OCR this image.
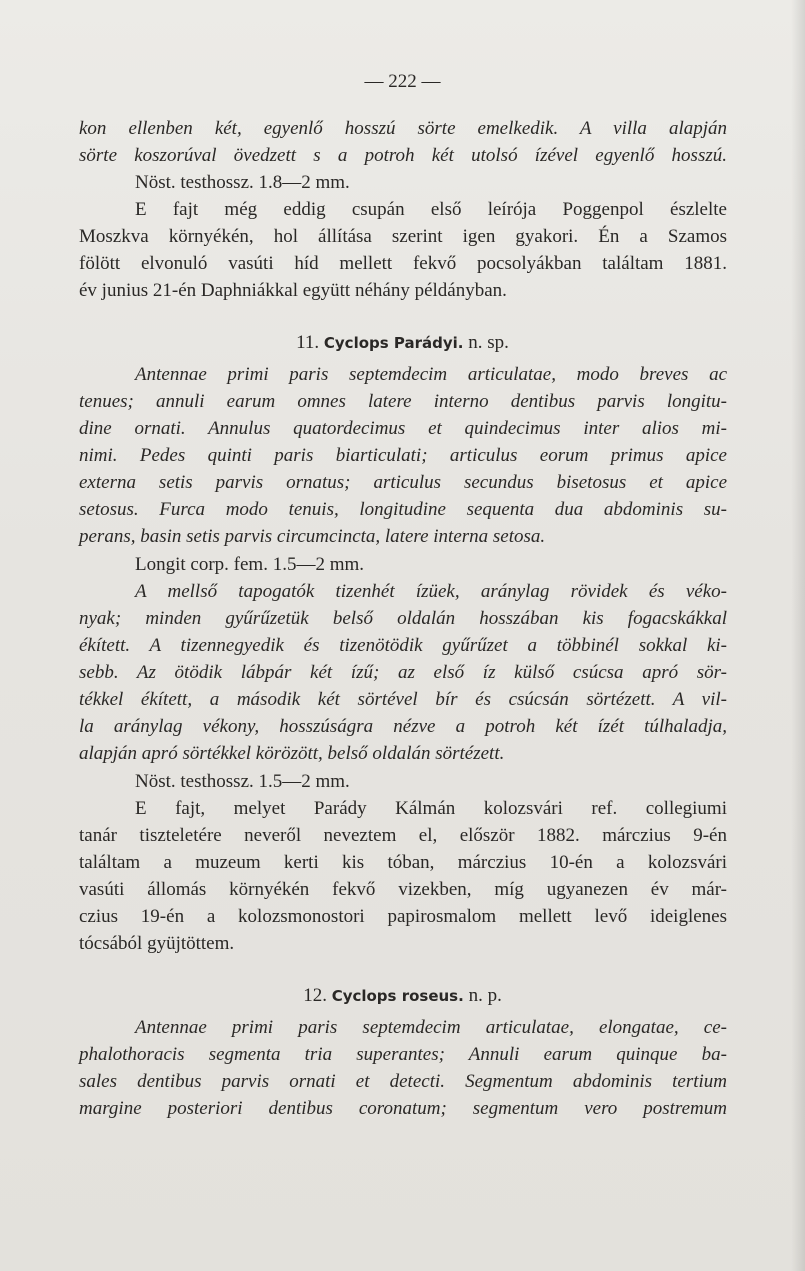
— 222 —
kon ellenben két, egyenlő hosszú sörte emelkedik. A villa alapján
sörte koszorúval övedzett s a potroh két utolsó ízével egyenlő hosszú.
Nöst. testhossz. 1.8—2 mm.
E fajt még eddig csupán első leírója Poggenpol észlelte
Moszkva környékén, hol állítása szerint igen gyakori. Én a Szamos
fölött elvonuló vasúti híd mellett fekvő pocsolyákban találtam 1881.
év junius 21-én Daphniákkal együtt néhány példányban.
11. Cyclops Parádyi. n. sp.
Antennae primi paris septemdecim articulatae, modo breves ac
tenues; annuli earum omnes latere interno dentibus parvis longitu-
dine ornati. Annulus quatordecimus et quindecimus inter alios mi-
nimi. Pedes quinti paris biarticulati; articulus eorum primus apice
externa setis parvis ornatus; articulus secundus bisetosus et apice
setosus. Furca modo tenuis, longitudine sequenta dua abdominis su-
perans, basin setis parvis circumcincta, latere interna setosa.
Longit corp. fem. 1.5—2 mm.
A mellső tapogatók tizenhét ízüek, aránylag rövidek és véko-
nyak; minden gyűrűzetük belső oldalán hosszában kis fogacskákkal
ékített. A tizennegyedik és tizenötödik gyűrűzet a többinél sokkal ki-
sebb. Az ötödik lábpár két ízű; az első íz külső csúcsa apró sör-
tékkel ékített, a második két sörtével bír és csúcsán sörtézett. A vil-
la aránylag vékony, hosszúságra nézve a potroh két ízét túlhaladja,
alapján apró sörtékkel körözött, belső oldalán sörtézett.
Nöst. testhossz. 1.5—2 mm.
E fajt, melyet Parády Kálmán kolozsvári ref. collegiumi
tanár tiszteletére neveről neveztem el, először 1882. márczius 9-én
találtam a muzeum kerti kis tóban, márczius 10-én a kolozsvári
vasúti állomás környékén fekvő vizekben, míg ugyanezen év már-
czius 19-én a kolozsmonostori papirosmalom mellett levő ideiglenes
tócsából gyüjtöttem.
12. Cyclops roseus. n. p.
Antennae primi paris septemdecim articulatae, elongatae, ce-
phalothoracis segmenta tria superantes; Annuli earum quinque ba-
sales dentibus parvis ornati et detecti. Segmentum abdominis tertium
margine posteriori dentibus coronatum; segmentum vero postremum
